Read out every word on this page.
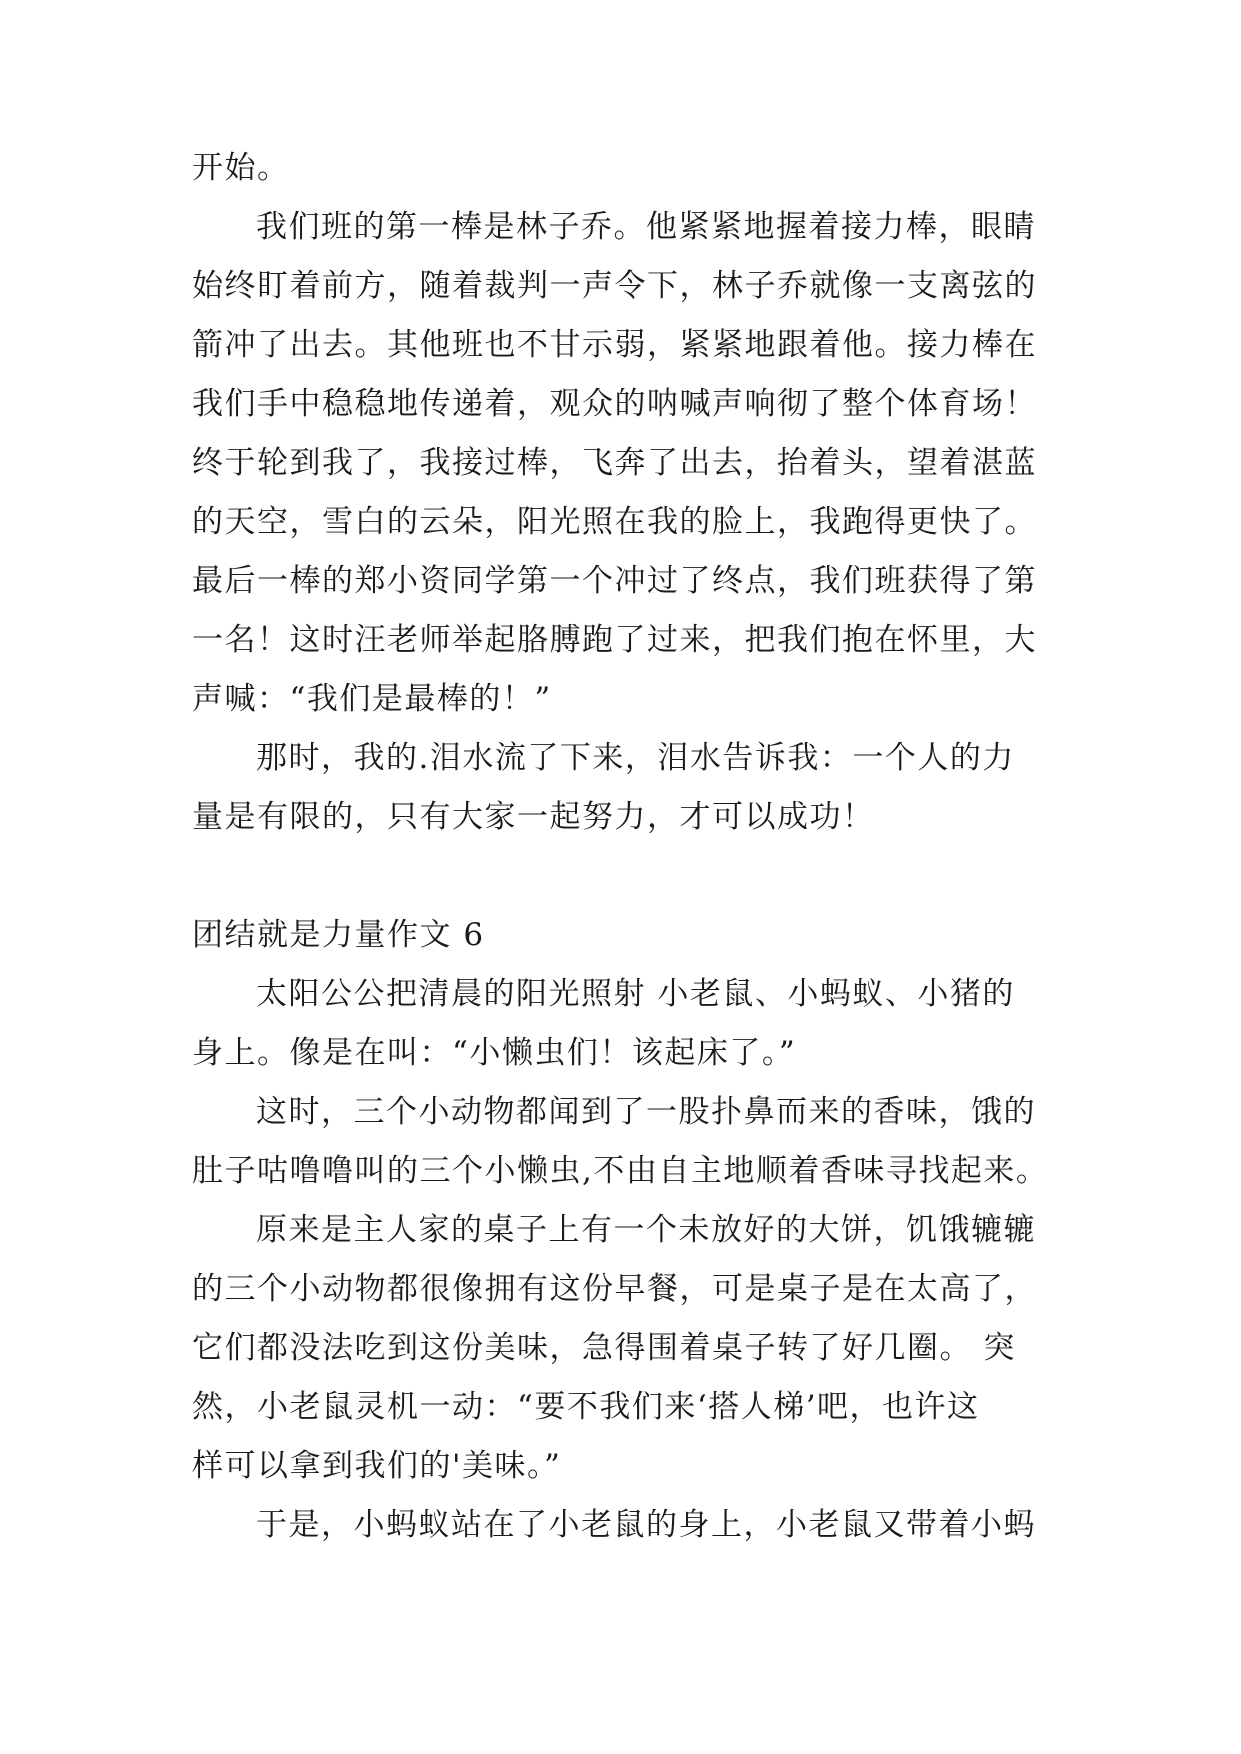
开始。
我们班的第一棒是林子乔。他紧紧地握着接力棒，眼睛
始终盯着前方，随着裁判一声令下，林子乔就像一支离弦的
箭冲了出去。其他班也不甘示弱，紧紧地跟着他。接力棒在
我们手中稳稳地传递着，观众的呐喊声响彻了整个体育场！
终于轮到我了，我接过棒，飞奔了出去，抬着头，望着湛蓝
的天空，雪白的云朵，阳光照在我的脸上，我跑得更快了。
最后一棒的郑小资同学第一个冲过了终点，我们班获得了第
一名！这时汪老师举起胳膊跑了过来，把我们抱在怀里，大
声喊：“我们是最棒的！”
那时，我的.泪水流了下来，泪水告诉我：一个人的力
量是有限的，只有大家一起努力，才可以成功！
团结就是力量作文 6
太阳公公把清晨的阳光照射 小老鼠、小蚂蚁、小猪的
身上。像是在叫：“小懒虫们！该起床了。”
这时，三个小动物都闻到了一股扑鼻而来的香味，饿的
肚子咕噜噜叫的三个小懒虫,不由自主地顺着香味寻找起来。
原来是主人家的桌子上有一个未放好的大饼，饥饿辘辘
的三个小动物都很像拥有这份早餐，可是桌子是在太高了，
它们都没法吃到这份美味，急得围着桌子转了好几圈。 突
然，小老鼠灵机一动：“要不我们来‘搭人梯’吧，也许这
样可以拿到我们的'美味。”
于是，小蚂蚁站在了小老鼠的身上，小老鼠又带着小蚂
